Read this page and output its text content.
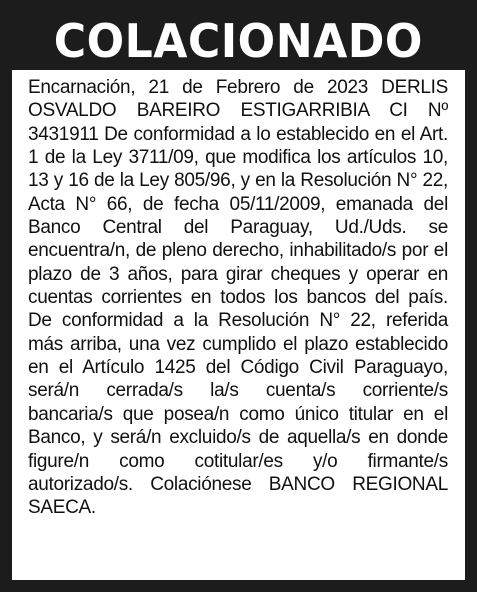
COLACIONADO

Encarnación, 21 de Febrero de 2023 DERLIS OSVALDO BAREIRO ESTIGARRIBIA CI Nº 3431911 De conformidad a lo establecido en el Art. 1 de la Ley 3711/09, que modifica los artículos 10, 13 y 16 de la Ley 805/96, y en la Resolución N° 22, Acta N° 66, de fecha 05/11/2009, emanada del Banco Central del Paraguay, Ud./Uds. se encuentra/n, de pleno derecho, inhabilitado/s por el plazo de 3 años, para girar cheques y operar en cuentas corrientes en todos los bancos del país. De conformidad a la Resolución N° 22, referida más arriba, una vez cumplido el plazo establecido en el Artículo 1425 del Código Civil Paraguayo, será/n cerrada/s la/s cuenta/s corriente/s bancaria/s que posea/n como único titular en el Banco, y será/n excluido/s de aquella/s en donde figure/n como cotitular/es y/o firmante/s autorizado/s. Colaciónese BANCO REGIONAL SAECA.
